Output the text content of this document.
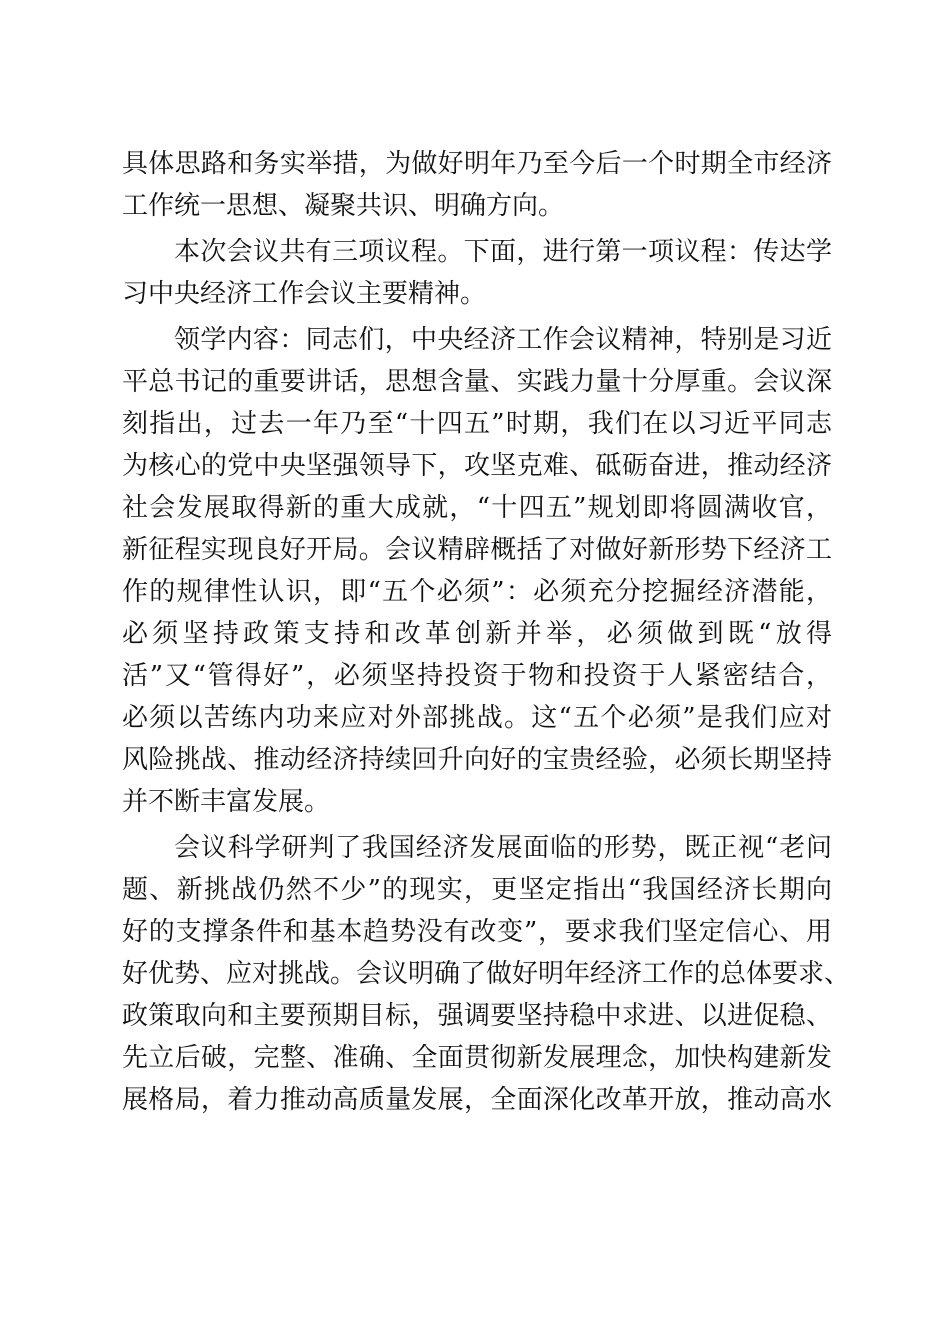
具体思路和务实举措，为做好明年乃至今后一个时期全市经济
工作统一思想、凝聚共识、明确方向。
本次会议共有三项议程。下面，进行第一项议程：传达学
习中央经济工作会议主要精神。
领学内容：同志们，中央经济工作会议精神，特别是习近
平总书记的重要讲话，思想含量、实践力量十分厚重。会议深
刻指出，过去一年乃至“十四五”时期，我们在以习近平同志
为核心的党中央坚强领导下，攻坚克难、砥砺奋进，推动经济
社会发展取得新的重大成就，“十四五”规划即将圆满收官，
新征程实现良好开局。会议精辟概括了对做好新形势下经济工
作的规律性认识，即“五个必须”：必须充分挖掘经济潜能，
必须坚持政策支持和改革创新并举，必须做到既“放得
活”又“管得好”，必须坚持投资于物和投资于人紧密结合，
必须以苦练内功来应对外部挑战。这“五个必须”是我们应对
风险挑战、推动经济持续回升向好的宝贵经验，必须长期坚持
并不断丰富发展。
会议科学研判了我国经济发展面临的形势，既正视“老问
题、新挑战仍然不少”的现实，更坚定指出“我国经济长期向
好的支撑条件和基本趋势没有改变”，要求我们坚定信心、用
好优势、应对挑战。会议明确了做好明年经济工作的总体要求、
政策取向和主要预期目标，强调要坚持稳中求进、以进促稳、
先立后破，完整、准确、全面贯彻新发展理念，加快构建新发
展格局，着力推动高质量发展，全面深化改革开放，推动高水
